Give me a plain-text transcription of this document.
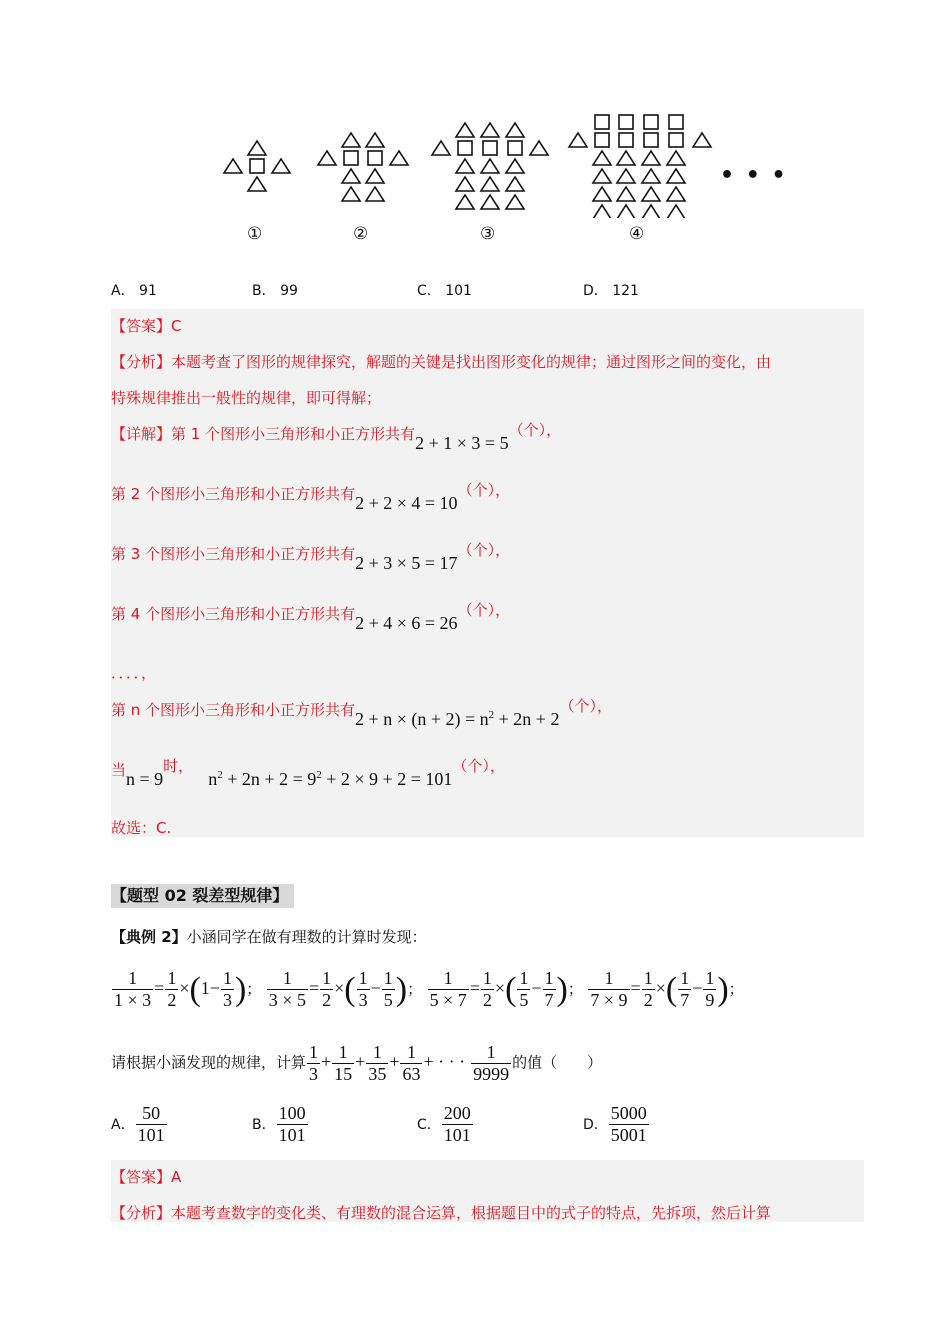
①	②	③	④
• • •
A． 91	B． 99	C． 101	D． 121
【答案】C
【分析】本题考查了图形的规律探究，解题的关键是找出图形变化的规律；通过图形之间的变化，由
特殊规律推出一般性的规律，即可得解；
【详解】第 1 个图形小三角形和小正方形共有2 + 1 × 3 = 5（个），
第 2 个图形小三角形和小正方形共有2 + 2 × 4 = 10（个），
第 3 个图形小三角形和小正方形共有2 + 3 × 5 = 17（个），
第 4 个图形小三角形和小正方形共有2 + 4 × 6 = 26（个），
．．．．，
第 n 个图形小三角形和小正方形共有$2 + n \times (n + 2) = n^2 + 2n + 2$（个），
当n = 9时， $n^2 + 2n + 2 = 9^2 + 2 \times 9 + 2 = 101$（个），
故选：C.
【题型 02 裂差型规律】
【典例 2】小涵同学在做有理数的计算时发现：
$\frac{1}{1 \times 3} = \frac{1}{2} \times(1- \frac{1}{3}$ )； $\frac{1}{3 \times 5} = \frac{1}{2}$ ×( $\frac{1}{3} - \frac{1}{5}$ )； $\frac{1}{5 \times 7} = \frac{1}{2}$ ×( $\frac{1}{5} - \frac{1}{7}$ )； $\frac{1}{7 \times 9} = \frac{1}{2}$ ×( $\frac{1}{7} - \frac{1}{9}$ )；
请根据小涵发现的规律，计算 $\frac{1}{3} + \frac{1}{15} + \frac{1}{35} + \frac{1}{63}$ + · · · $\frac{1}{9999}$ 的值（　　）
A． $\frac{50}{101}$	B． $\frac{100}{101}$	C． $\frac{200}{101}$	D． $\frac{5000}{5001}$
【答案】A
【分析】本题考查数字的变化类、有理数的混合运算，根据题目中的式子的特点，先拆项，然后计算
